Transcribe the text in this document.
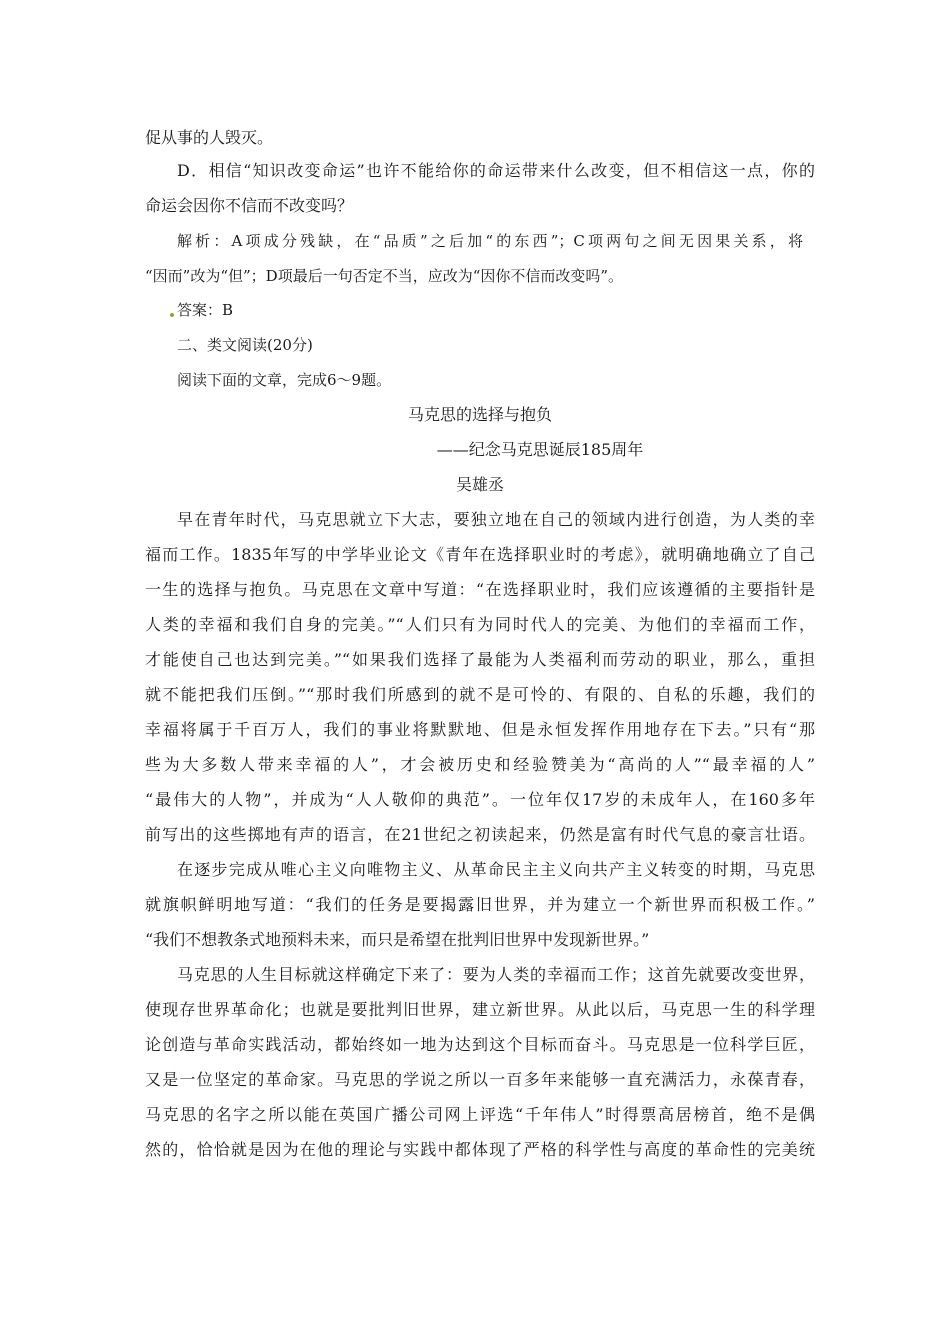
促从事的人毁灭。
D．相信“知识改变命运”也许不能给你的命运带来什么改变，但不相信这一点，你的
命运会因你不信而不改变吗？
解析：A项成分残缺，在“品质”之后加“的东西”；C项两句之间无因果关系，将
“因而”改为“但”；D项最后一句否定不当，应改为“因你不信而改变吗”。
答案：B
二、类文阅读(20分)
阅读下面的文章，完成6～9题。
马克思的选择与抱负
——纪念马克思诞辰185周年
吴雄丞
早在青年时代，马克思就立下大志，要独立地在自己的领域内进行创造，为人类的幸
福而工作。1835年写的中学毕业论文《青年在选择职业时的考虑》，就明确地确立了自己
一生的选择与抱负。马克思在文章中写道：“在选择职业时，我们应该遵循的主要指针是
人类的幸福和我们自身的完美。”“人们只有为同时代人的完美、为他们的幸福而工作，
才能使自己也达到完美。”“如果我们选择了最能为人类福利而劳动的职业，那么，重担
就不能把我们压倒。”“那时我们所感到的就不是可怜的、有限的、自私的乐趣，我们的
幸福将属于千百万人，我们的事业将默默地、但是永恒发挥作用地存在下去。”只有“那
些为大多数人带来幸福的人”，才会被历史和经验赞美为“高尚的人”“最幸福的人”
“最伟大的人物”，并成为“人人敬仰的典范”。一位年仅17岁的未成年人，在160多年
前写出的这些掷地有声的语言，在21世纪之初读起来，仍然是富有时代气息的豪言壮语。
在逐步完成从唯心主义向唯物主义、从革命民主主义向共产主义转变的时期，马克思
就旗帜鲜明地写道：“我们的任务是要揭露旧世界，并为建立一个新世界而积极工作。”
“我们不想教条式地预料未来，而只是希望在批判旧世界中发现新世界。”
马克思的人生目标就这样确定下来了：要为人类的幸福而工作；这首先就要改变世界，
使现存世界革命化；也就是要批判旧世界，建立新世界。从此以后，马克思一生的科学理
论创造与革命实践活动，都始终如一地为达到这个目标而奋斗。马克思是一位科学巨匠，
又是一位坚定的革命家。马克思的学说之所以一百多年来能够一直充满活力，永葆青春，
马克思的名字之所以能在英国广播公司网上评选“千年伟人”时得票高居榜首，绝不是偶
然的，恰恰就是因为在他的理论与实践中都体现了严格的科学性与高度的革命性的完美统
